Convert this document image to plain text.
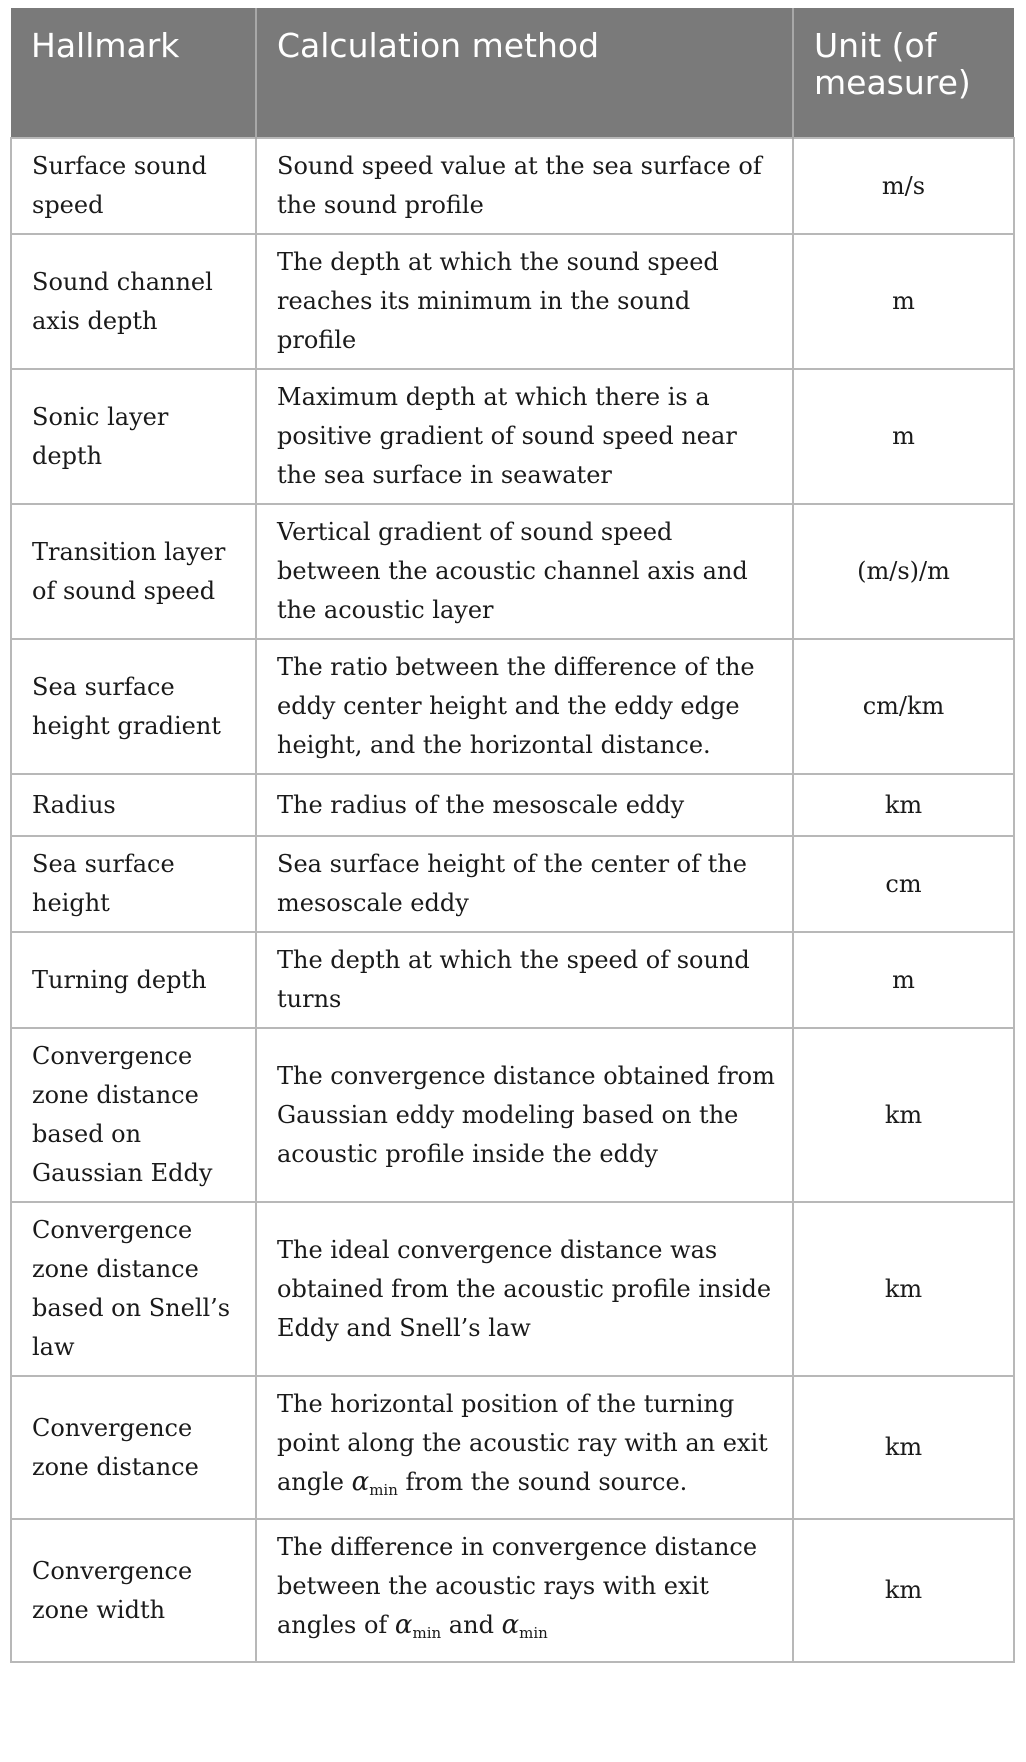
Hallmark	Calculation method	Unit (of measure)
Surface sound speed	Sound speed value at the sea surface of the sound profile	m/s
Sound channel axis depth	The depth at which the sound speed reaches its minimum in the sound profile	m
Sonic layer depth	Maximum depth at which there is a positive gradient of sound speed near the sea surface in seawater	m
Transition layer of sound speed	Vertical gradient of sound speed between the acoustic channel axis and the acoustic layer	(m/s)/m
Sea surface height gradient	The ratio between the difference of the eddy center height and the eddy edge height, and the horizontal distance.	cm/km
Radius	The radius of the mesoscale eddy	km
Sea surface height	Sea surface height of the center of the mesoscale eddy	cm
Turning depth	The depth at which the speed of sound turns	m
Convergence zone distance based on Gaussian Eddy	The convergence distance obtained from Gaussian eddy modeling based on the acoustic profile inside the eddy	km
Convergence zone distance based on Snell’s law	The ideal convergence distance was obtained from the acoustic profile inside Eddy and Snell’s law	km
Convergence zone distance	The horizontal position of the turning point along the acoustic ray with an exit angle $\alpha_{min}$ from the sound source.	km
Convergence zone width	The difference in convergence distance between the acoustic rays with exit angles of $\alpha_{min}$ and $\alpha_{min}$	km
